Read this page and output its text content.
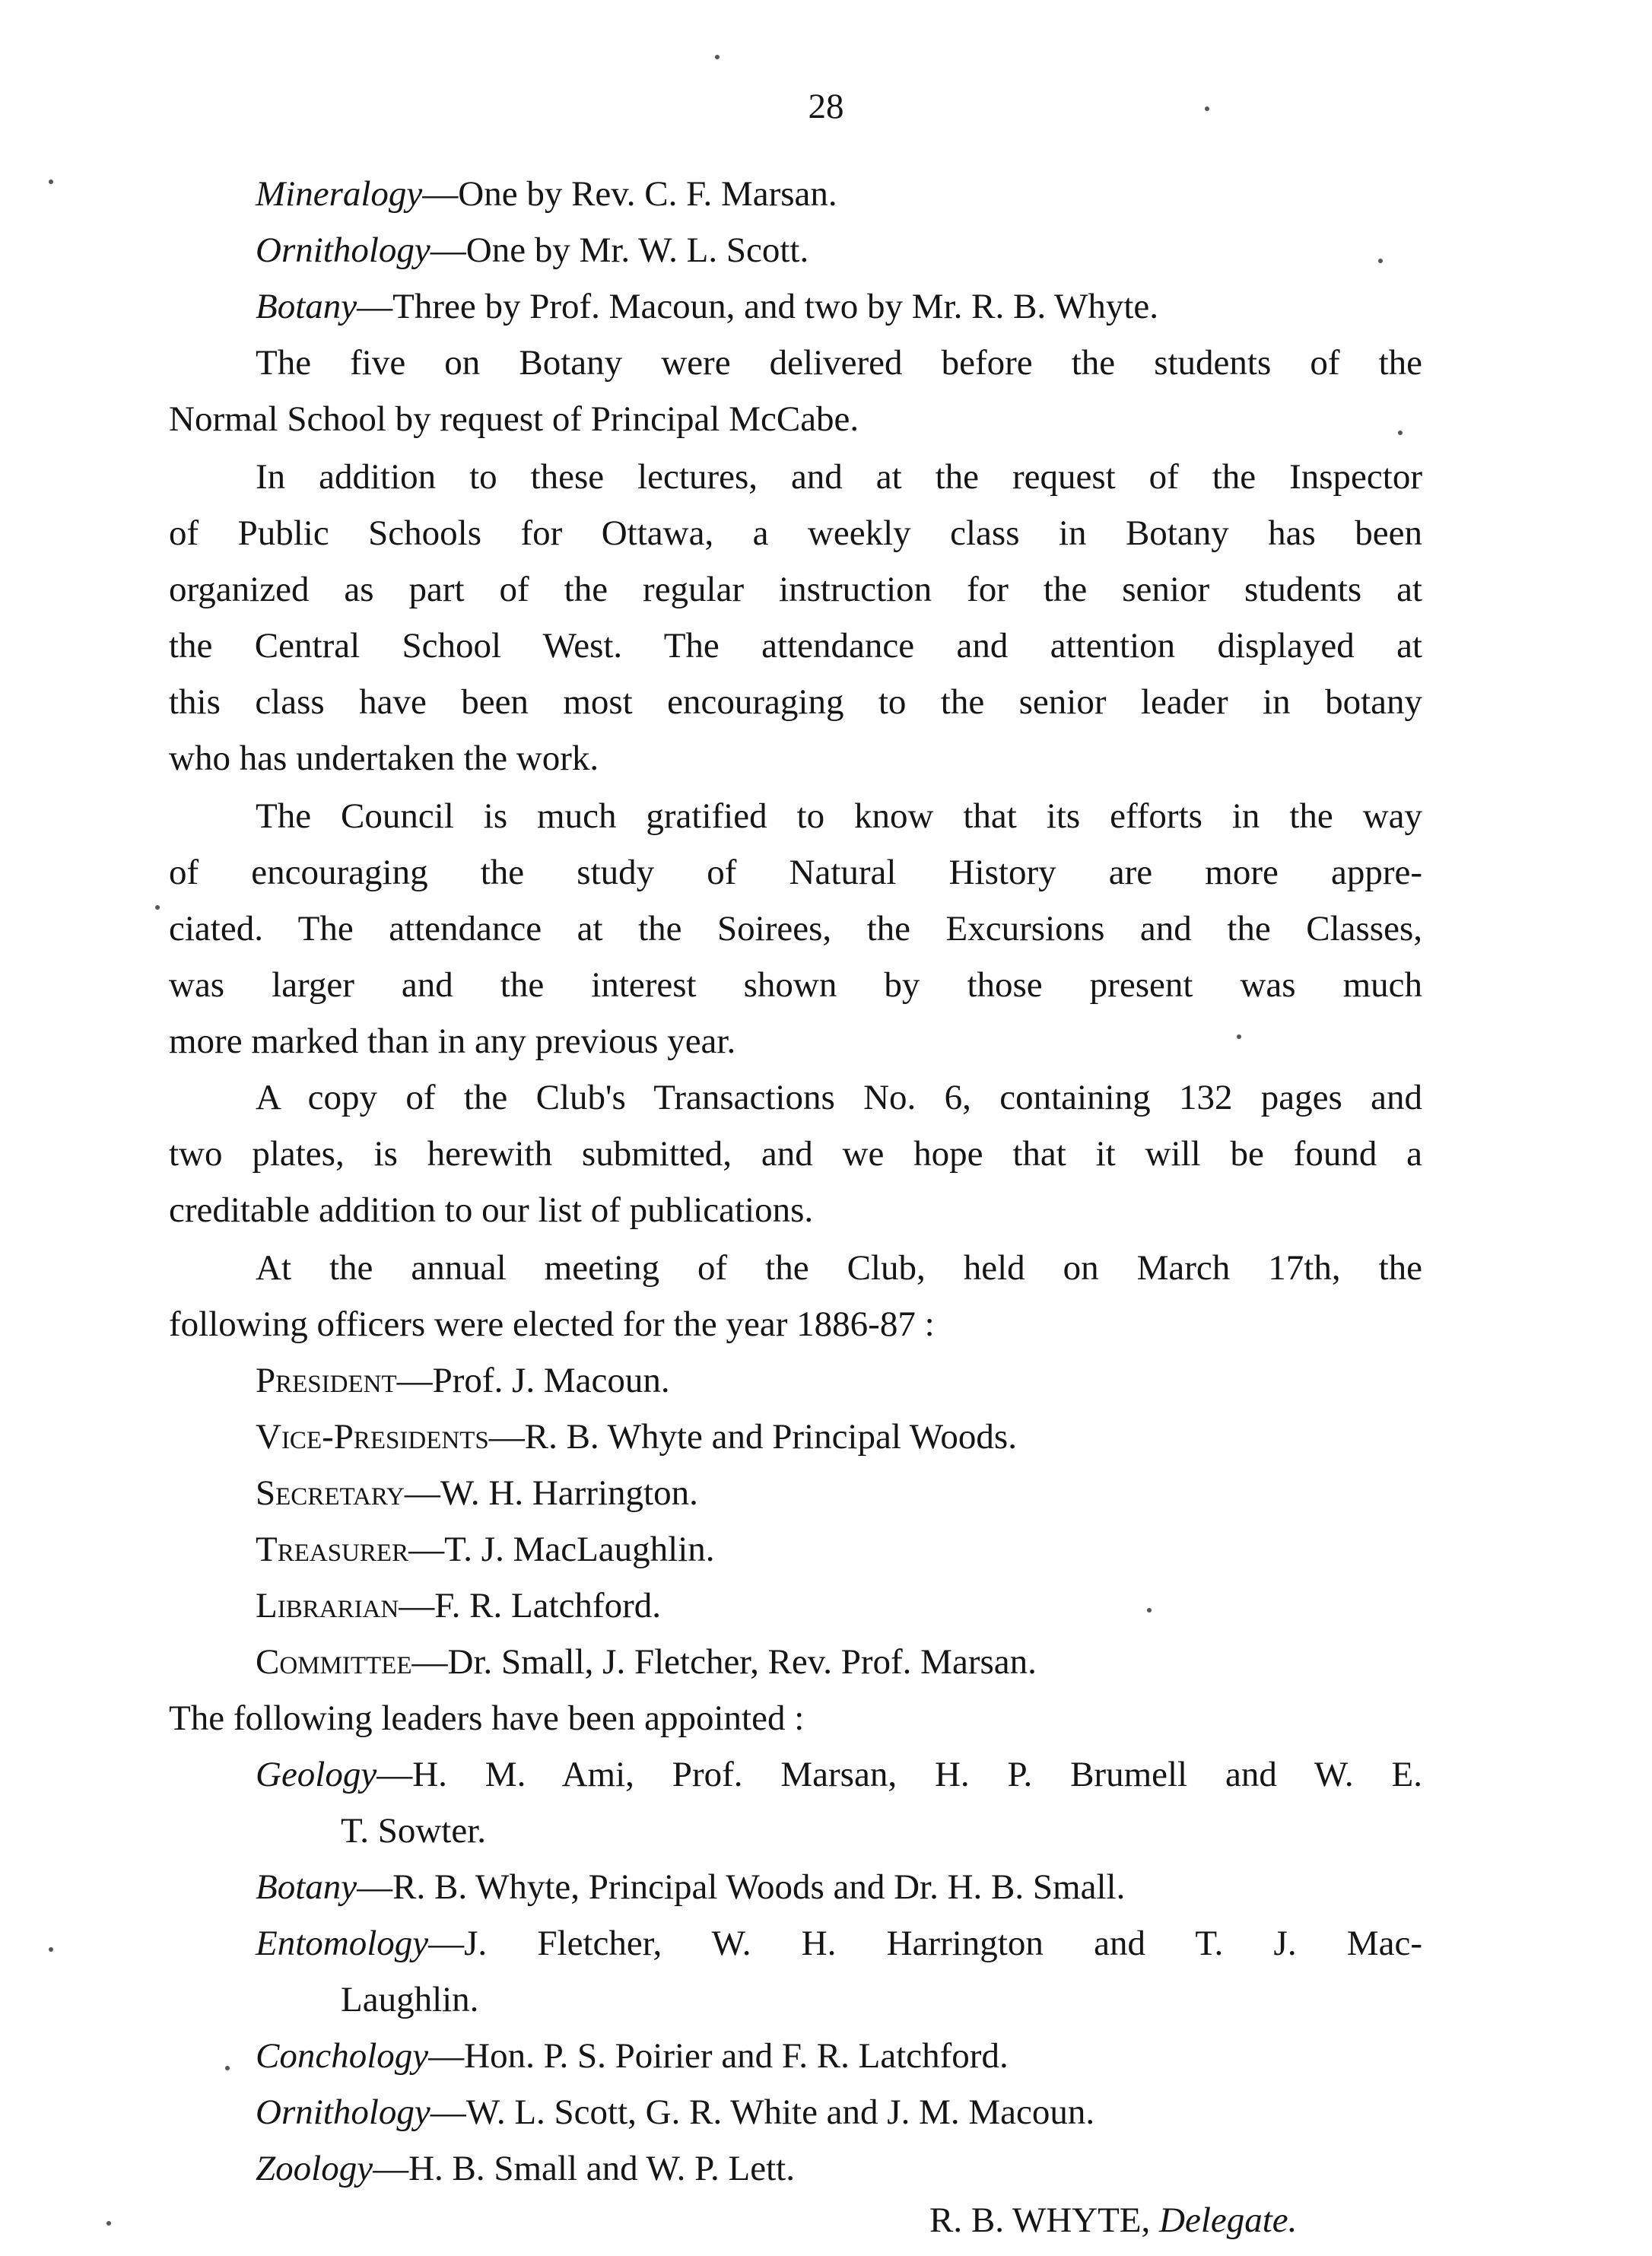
28
Mineralogy—One by Rev. C. F. Marsan.
Ornithology—One by Mr. W. L. Scott.
Botany—Three by Prof. Macoun, and two by Mr. R. B. Whyte.
The five on Botany were delivered before the students of the
Normal School by request of Principal McCabe.
In addition to these lectures, and at the request of the Inspector
of Public Schools for Ottawa, a weekly class in Botany has been
organized as part of the regular instruction for the senior students at
the Central School West. The attendance and attention displayed at
this class have been most encouraging to the senior leader in botany
who has undertaken the work.
The Council is much gratified to know that its efforts in the way
of encouraging the study of Natural History are more appre-
ciated. The attendance at the Soirees, the Excursions and the Classes,
was larger and the interest shown by those present was much
more marked than in any previous year.
A copy of the Club's Transactions No. 6, containing 132 pages and
two plates, is herewith submitted, and we hope that it will be found a
creditable addition to our list of publications.
At the annual meeting of the Club, held on March 17th, the
following officers were elected for the year 1886-87 :
President—Prof. J. Macoun.
Vice-Presidents—R. B. Whyte and Principal Woods.
Secretary—W. H. Harrington.
Treasurer—T. J. MacLaughlin.
Librarian—F. R. Latchford.
Committee—Dr. Small, J. Fletcher, Rev. Prof. Marsan.
The following leaders have been appointed :
Geology—H. M. Ami, Prof. Marsan, H. P. Brumell and W. E.
T. Sowter.
Botany—R. B. Whyte, Principal Woods and Dr. H. B. Small.
Entomology—J. Fletcher, W. H. Harrington and T. J. Mac-
Laughlin.
Conchology—Hon. P. S. Poirier and F. R. Latchford.
Ornithology—W. L. Scott, G. R. White and J. M. Macoun.
Zoology—H. B. Small and W. P. Lett.
R. B. WHYTE, Delegate.
